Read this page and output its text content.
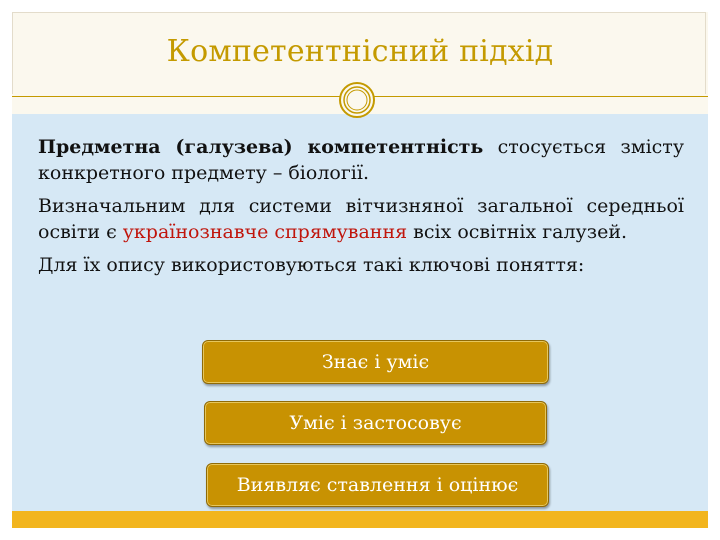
Компетентнісний підхід

Предметна (галузева) компетентність стосується змісту конкретного предмету – біології.

Визначальним для системи вітчизняної загальної середньої освіти є українознавче спрямування всіх освітніх галузей.

Для їх опису використовуються такі ключові поняття:

Знає і уміє
Уміє і застосовує
Виявляє ставлення і оцінює
